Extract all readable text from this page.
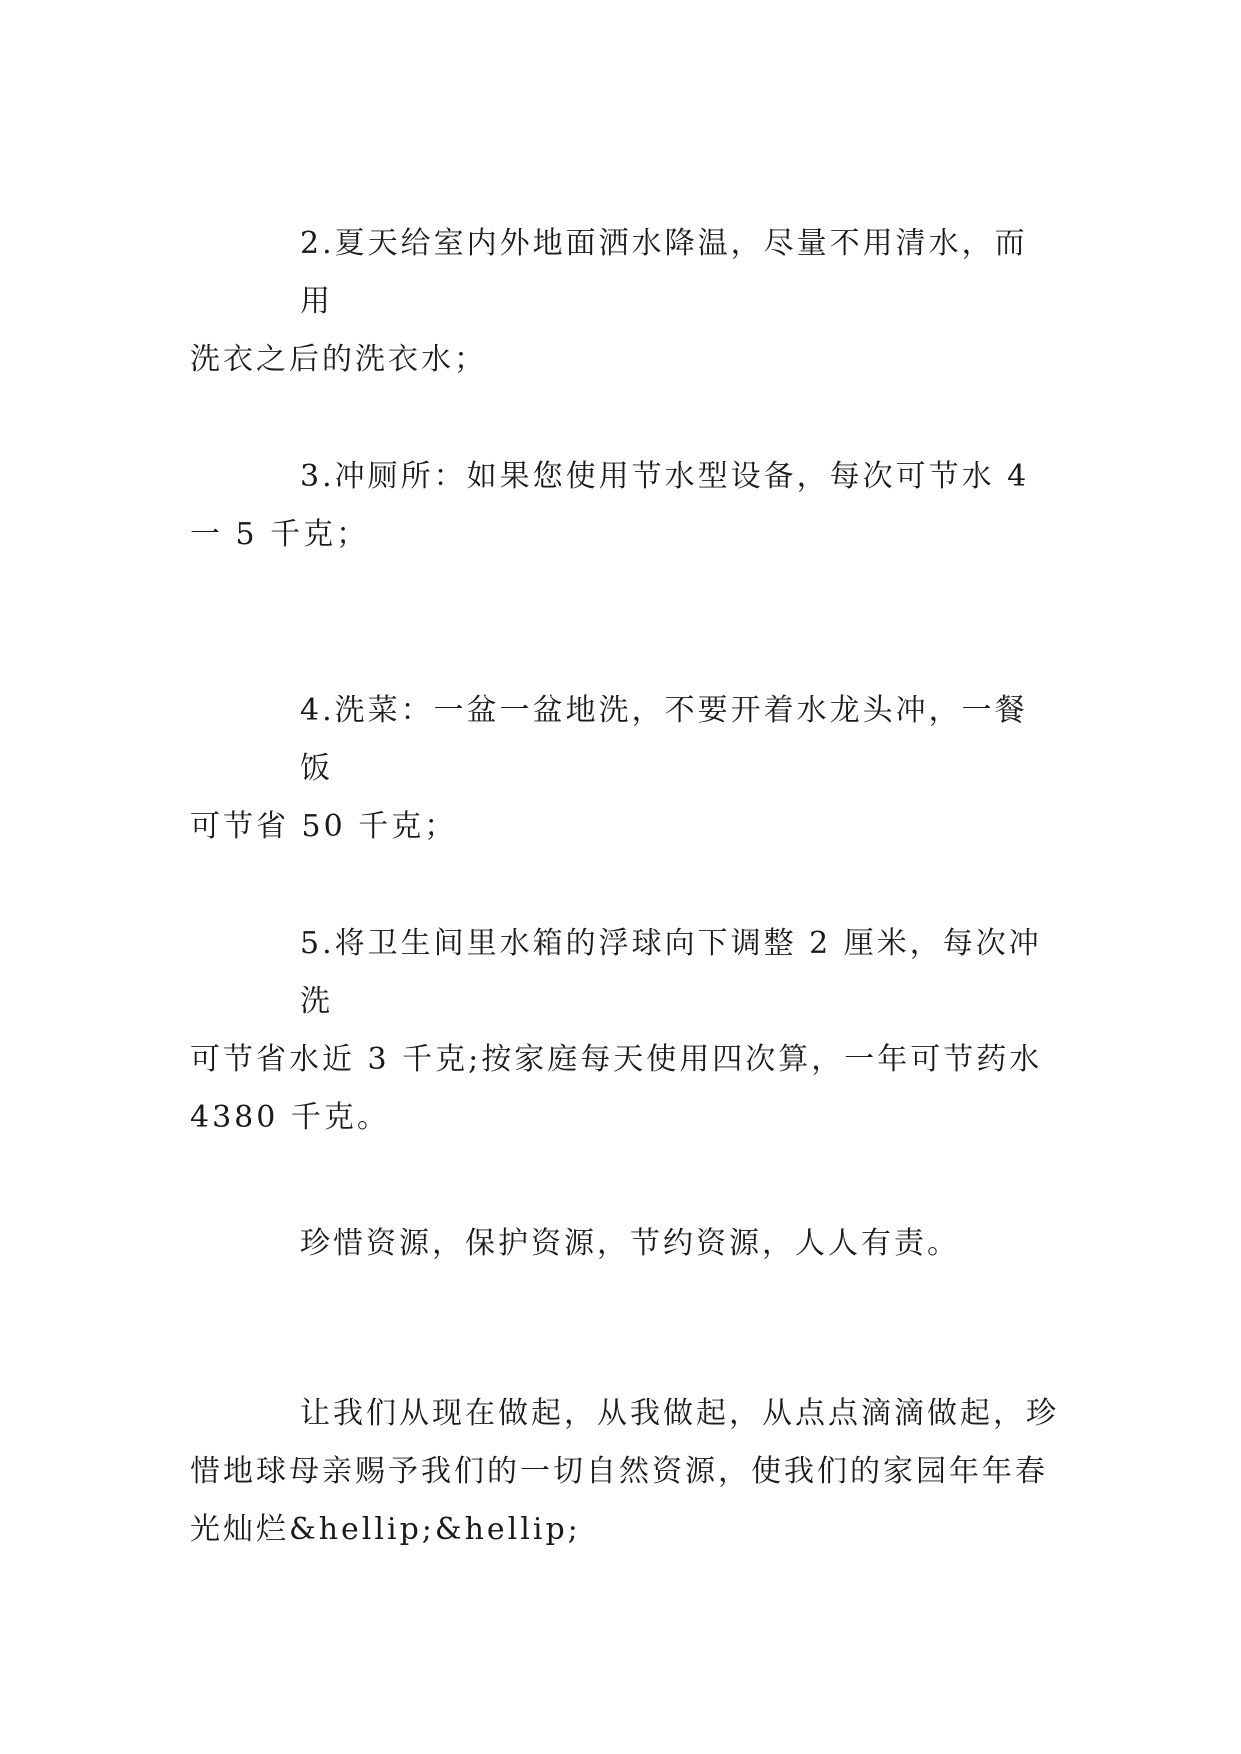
2.夏天给室内外地面洒水降温，尽量不用清水，而用
洗衣之后的洗衣水；

3.冲厕所：如果您使用节水型设备，每次可节水 4
一 5 千克；

4.洗菜：一盆一盆地洗，不要开着水龙头冲，一餐饭
可节省 50 千克；

5.将卫生间里水箱的浮球向下调整 2 厘米，每次冲洗
可节省水近 3 千克;按家庭每天使用四次算，一年可节药水
4380 千克。

珍惜资源，保护资源，节约资源，人人有责。

让我们从现在做起，从我做起，从点点滴滴做起，珍
惜地球母亲赐予我们的一切自然资源，使我们的家园年年春
光灿烂&hellip;&hellip;
